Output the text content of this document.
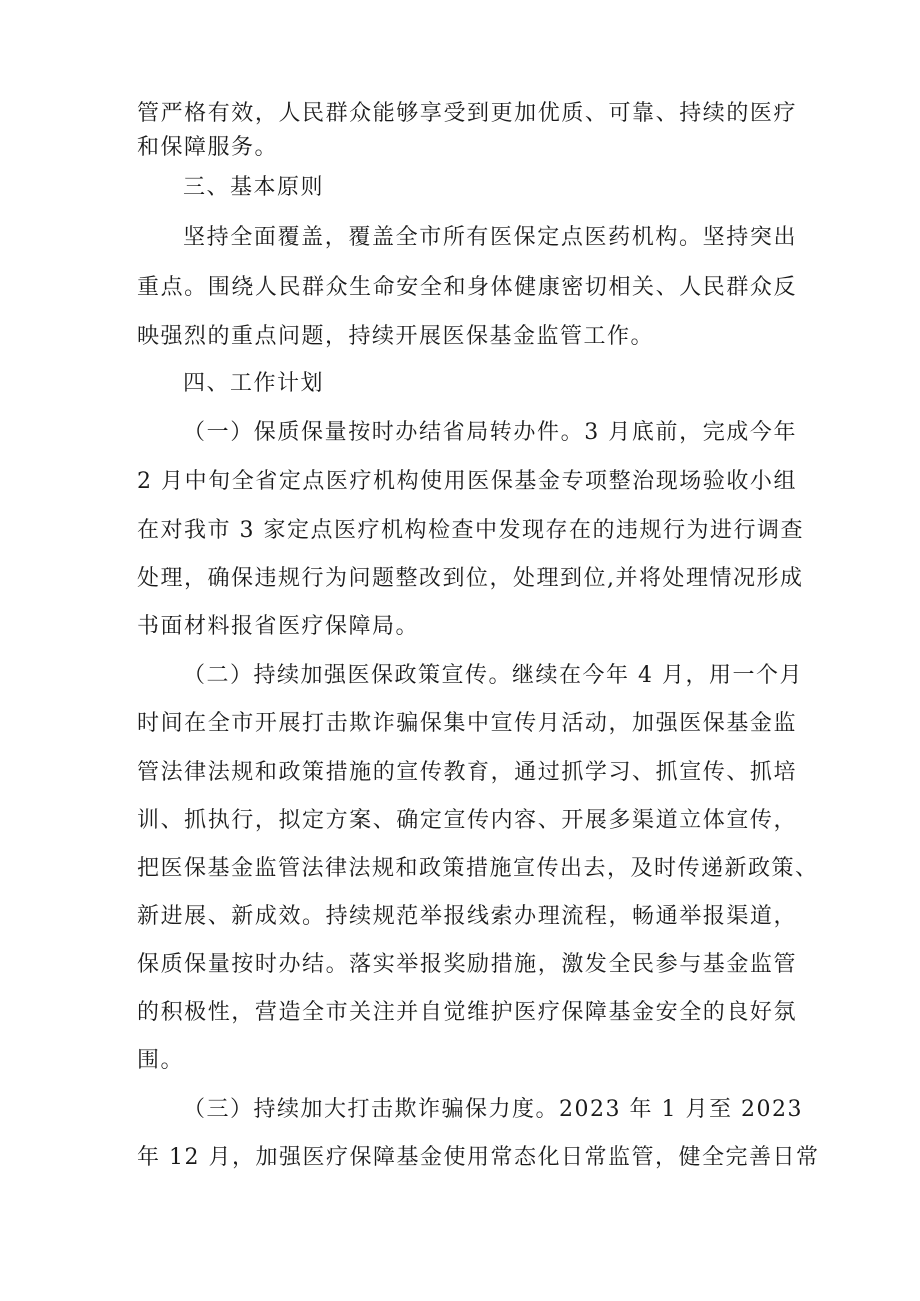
管严格有效，人民群众能够享受到更加优质、可靠、持续的医疗
和保障服务。
三、基本原则
坚持全面覆盖，覆盖全市所有医保定点医药机构。坚持突出
重点。围绕人民群众生命安全和身体健康密切相关、人民群众反
映强烈的重点问题，持续开展医保基金监管工作。
四、工作计划
（一）保质保量按时办结省局转办件。3 月底前，完成今年
2 月中旬全省定点医疗机构使用医保基金专项整治现场验收小组
在对我市 3 家定点医疗机构检查中发现存在的违规行为进行调查
处理，确保违规行为问题整改到位，处理到位,并将处理情况形成
书面材料报省医疗保障局。
（二）持续加强医保政策宣传。继续在今年 4 月，用一个月
时间在全市开展打击欺诈骗保集中宣传月活动，加强医保基金监
管法律法规和政策措施的宣传教育，通过抓学习、抓宣传、抓培
训、抓执行，拟定方案、确定宣传内容、开展多渠道立体宣传，
把医保基金监管法律法规和政策措施宣传出去，及时传递新政策、
新进展、新成效。持续规范举报线索办理流程，畅通举报渠道，
保质保量按时办结。落实举报奖励措施，激发全民参与基金监管
的积极性，营造全市关注并自觉维护医疗保障基金安全的良好氛
围。
（三）持续加大打击欺诈骗保力度。2023 年 1 月至 2023
年 12 月，加强医疗保障基金使用常态化日常监管，健全完善日常
